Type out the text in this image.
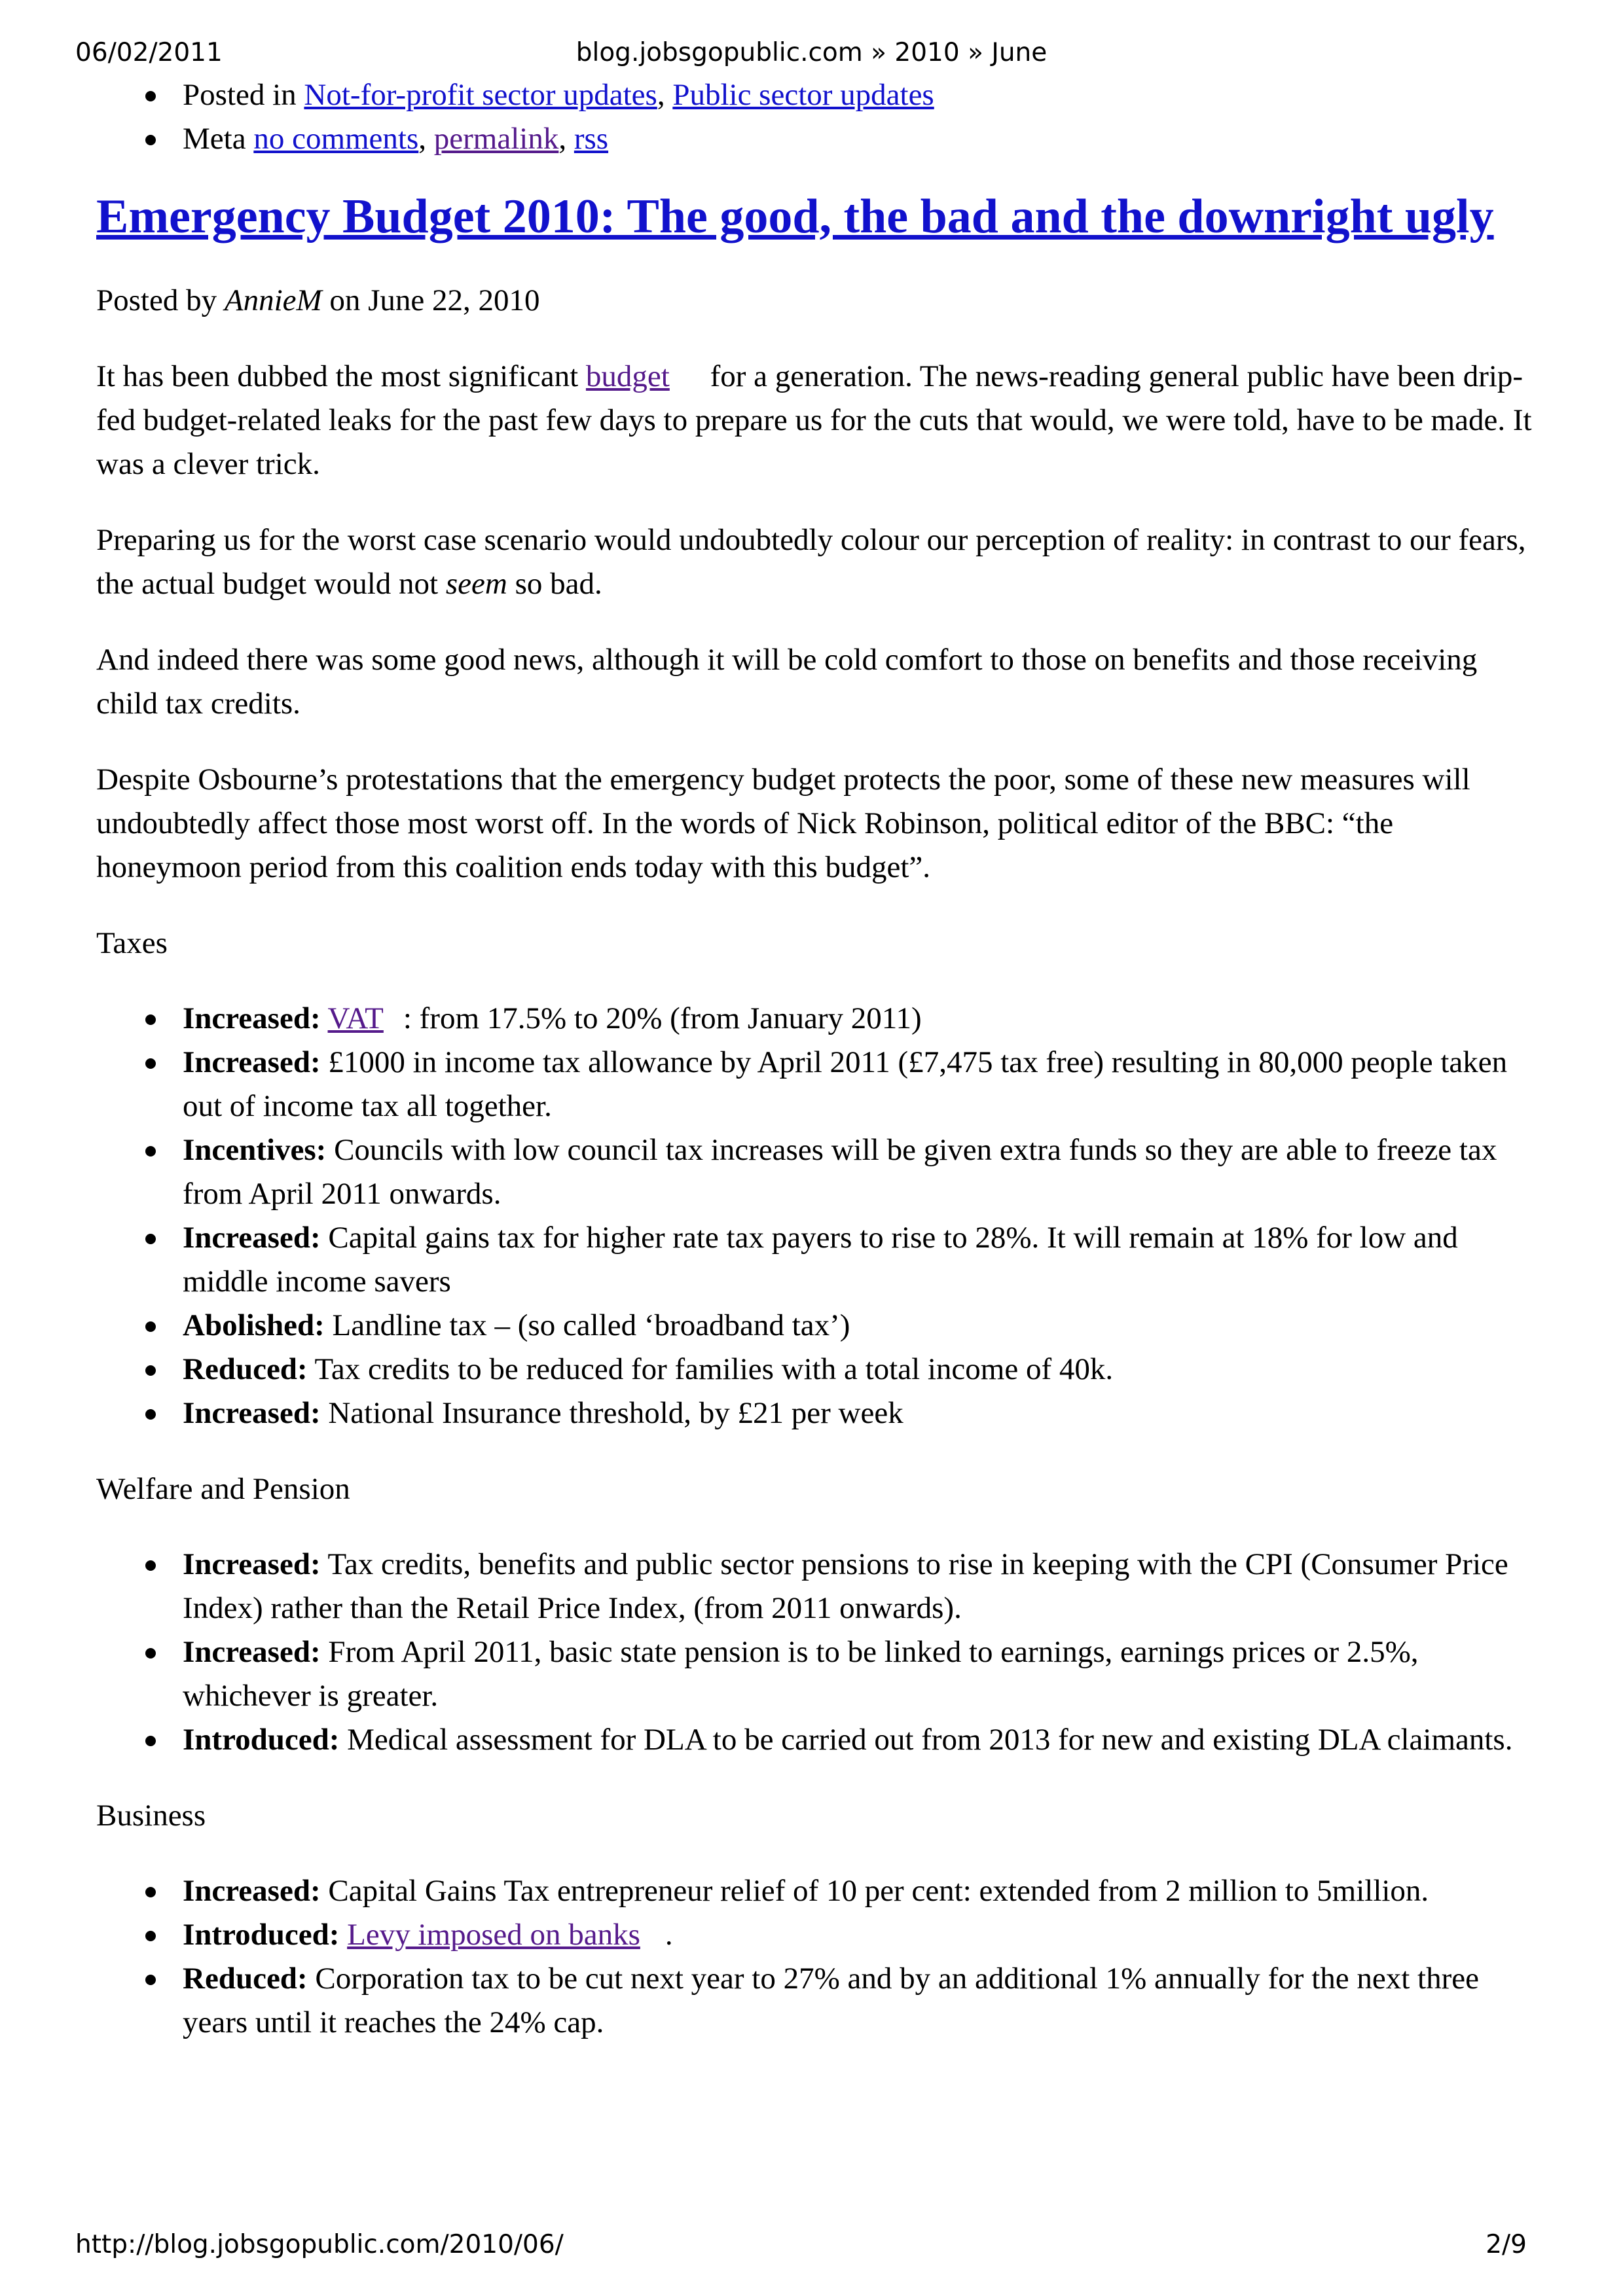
06/02/2011	blog.jobsgopublic.com » 2010 » June
Posted in Not-for-profit sector updates, Public sector updates
Meta no comments, permalink, rss
Emergency Budget 2010: The good, the bad and the downright ugly

Posted by AnnieM on June 22, 2010

It has been dubbed the most significant budget for a generation. The news-reading general public have been drip-fed budget-related leaks for the past few days to prepare us for the cuts that would, we were told, have to be made. It was a clever trick.

Preparing us for the worst case scenario would undoubtedly colour our perception of reality: in contrast to our fears, the actual budget would not seem so bad.

And indeed there was some good news, although it will be cold comfort to those on benefits and those receiving child tax credits.

Despite Osbourne’s protestations that the emergency budget protects the poor, some of these new measures will undoubtedly affect those most worst off. In the words of Nick Robinson, political editor of the BBC: “the honeymoon period from this coalition ends today with this budget”.

Taxes

Increased: VAT : from 17.5% to 20% (from January 2011)
Increased: £1000 in income tax allowance by April 2011 (£7,475 tax free) resulting in 80,000 people taken out of income tax all together.
Incentives: Councils with low council tax increases will be given extra funds so they are able to freeze tax from April 2011 onwards.
Increased: Capital gains tax for higher rate tax payers to rise to 28%. It will remain at 18% for low and middle income savers
Abolished: Landline tax – (so called ‘broadband tax’)
Reduced: Tax credits to be reduced for families with a total income of 40k.
Increased: National Insurance threshold, by £21 per week

Welfare and Pension

Increased: Tax credits, benefits and public sector pensions to rise in keeping with the CPI (Consumer Price Index) rather than the Retail Price Index, (from 2011 onwards).
Increased: From April 2011, basic state pension is to be linked to earnings, earnings prices or 2.5%, whichever is greater.
Introduced: Medical assessment for DLA to be carried out from 2013 for new and existing DLA claimants.

Business

Increased: Capital Gains Tax entrepreneur relief of 10 per cent: extended from 2 million to 5million.
Introduced: Levy imposed on banks .
Reduced: Corporation tax to be cut next year to 27% and by an additional 1% annually for the next three years until it reaches the 24% cap.
http://blog.jobsgopublic.com/2010/06/	2/9
